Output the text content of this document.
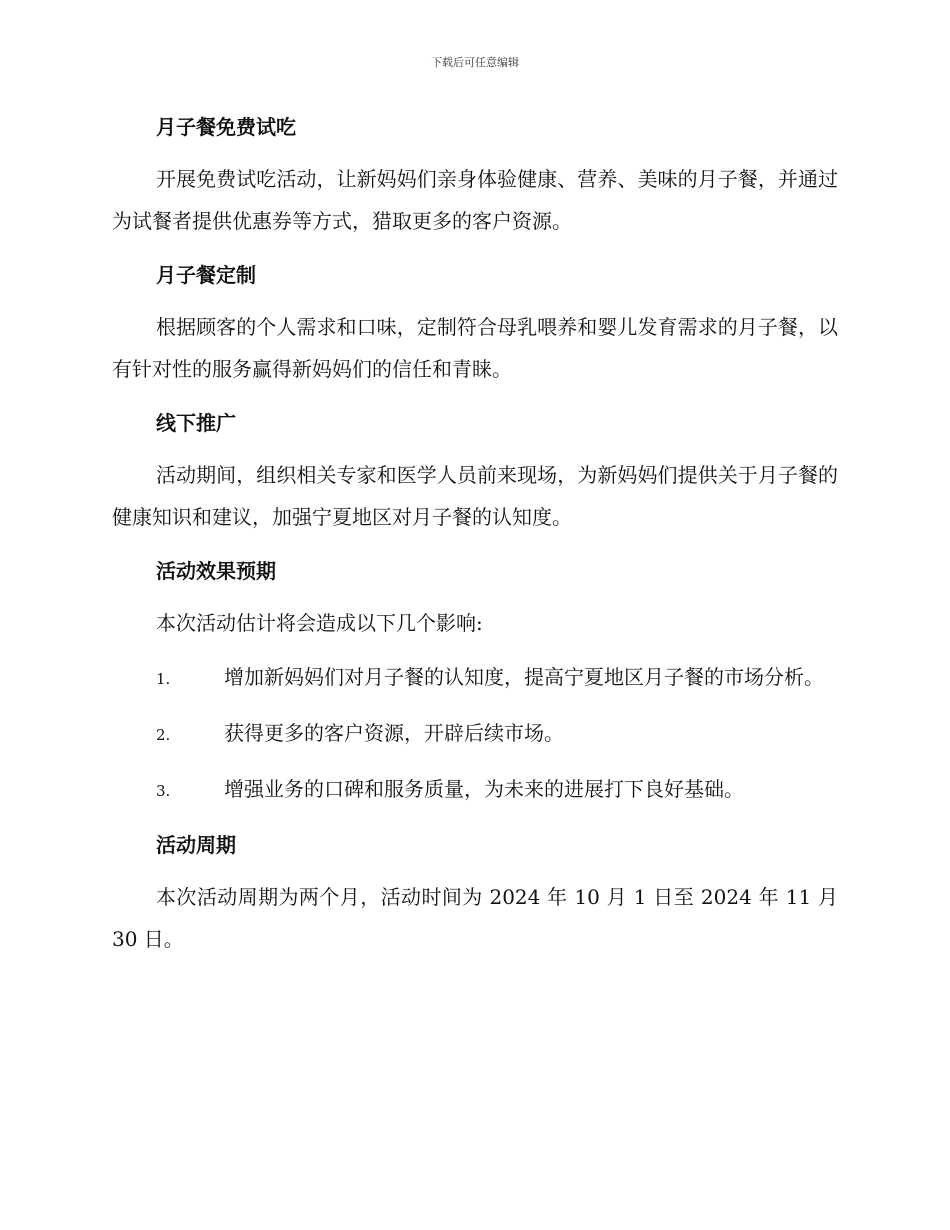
下载后可任意编辑
月子餐免费试吃

开展免费试吃活动，让新妈妈们亲身体验健康、营养、美味的月子餐，并通过为试餐者提供优惠券等方式，猎取更多的客户资源。

月子餐定制

根据顾客的个人需求和口味，定制符合母乳喂养和婴儿发育需求的月子餐，以有针对性的服务赢得新妈妈们的信任和青睐。

线下推广

活动期间，组织相关专家和医学人员前来现场，为新妈妈们提供关于月子餐的健康知识和建议，加强宁夏地区对月子餐的认知度。

活动效果预期

本次活动估计将会造成以下几个影响:

1.	增加新妈妈们对月子餐的认知度，提高宁夏地区月子餐的市场分析。

2.	获得更多的客户资源，开辟后续市场。

3.	增强业务的口碑和服务质量，为未来的进展打下良好基础。

活动周期

本次活动周期为两个月，活动时间为 2024 年 10 月 1 日至 2024 年 11 月 30 日。
